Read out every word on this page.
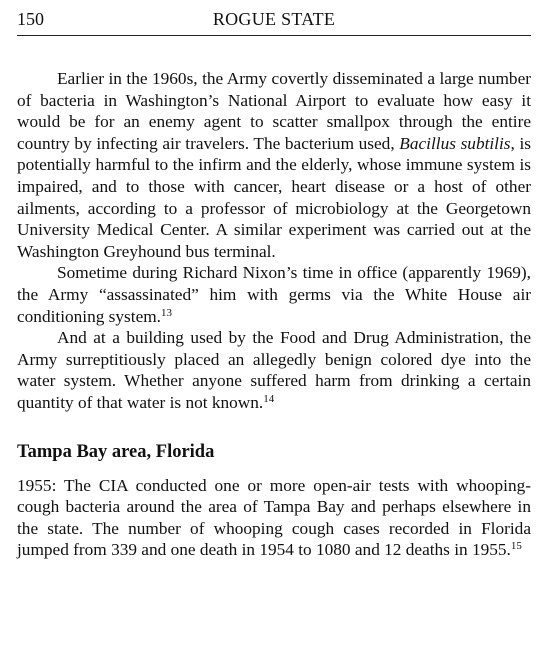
150	ROGUE STATE

Earlier in the 1960s, the Army covertly disseminated a large number of bacteria in Washington’s National Airport to evaluate how easy it would be for an enemy agent to scatter smallpox through the entire country by infecting air travelers. The bacterium used, Bacillus subtilis, is potentially harmful to the infirm and the elderly, whose immune system is impaired, and to those with cancer, heart disease or a host of other ailments, according to a professor of microbiology at the Georgetown University Medical Center. A similar experiment was carried out at the Washington Greyhound bus terminal.

Sometime during Richard Nixon’s time in office (apparently 1969), the Army “assassinated” him with germs via the White House air conditioning system.$^{13}$

And at a building used by the Food and Drug Administration, the Army surreptitiously placed an allegedly benign colored dye into the water system. Whether anyone suffered harm from drinking a certain quantity of that water is not known.$^{14}$

Tampa Bay area, Florida

1955: The CIA conducted one or more open-air tests with whooping- cough bacteria around the area of Tampa Bay and perhaps elsewhere in the state. The number of whooping cough cases recorded in Florida jumped from 339 and one death in 1954 to 1080 and 12 deaths in 1955.15
